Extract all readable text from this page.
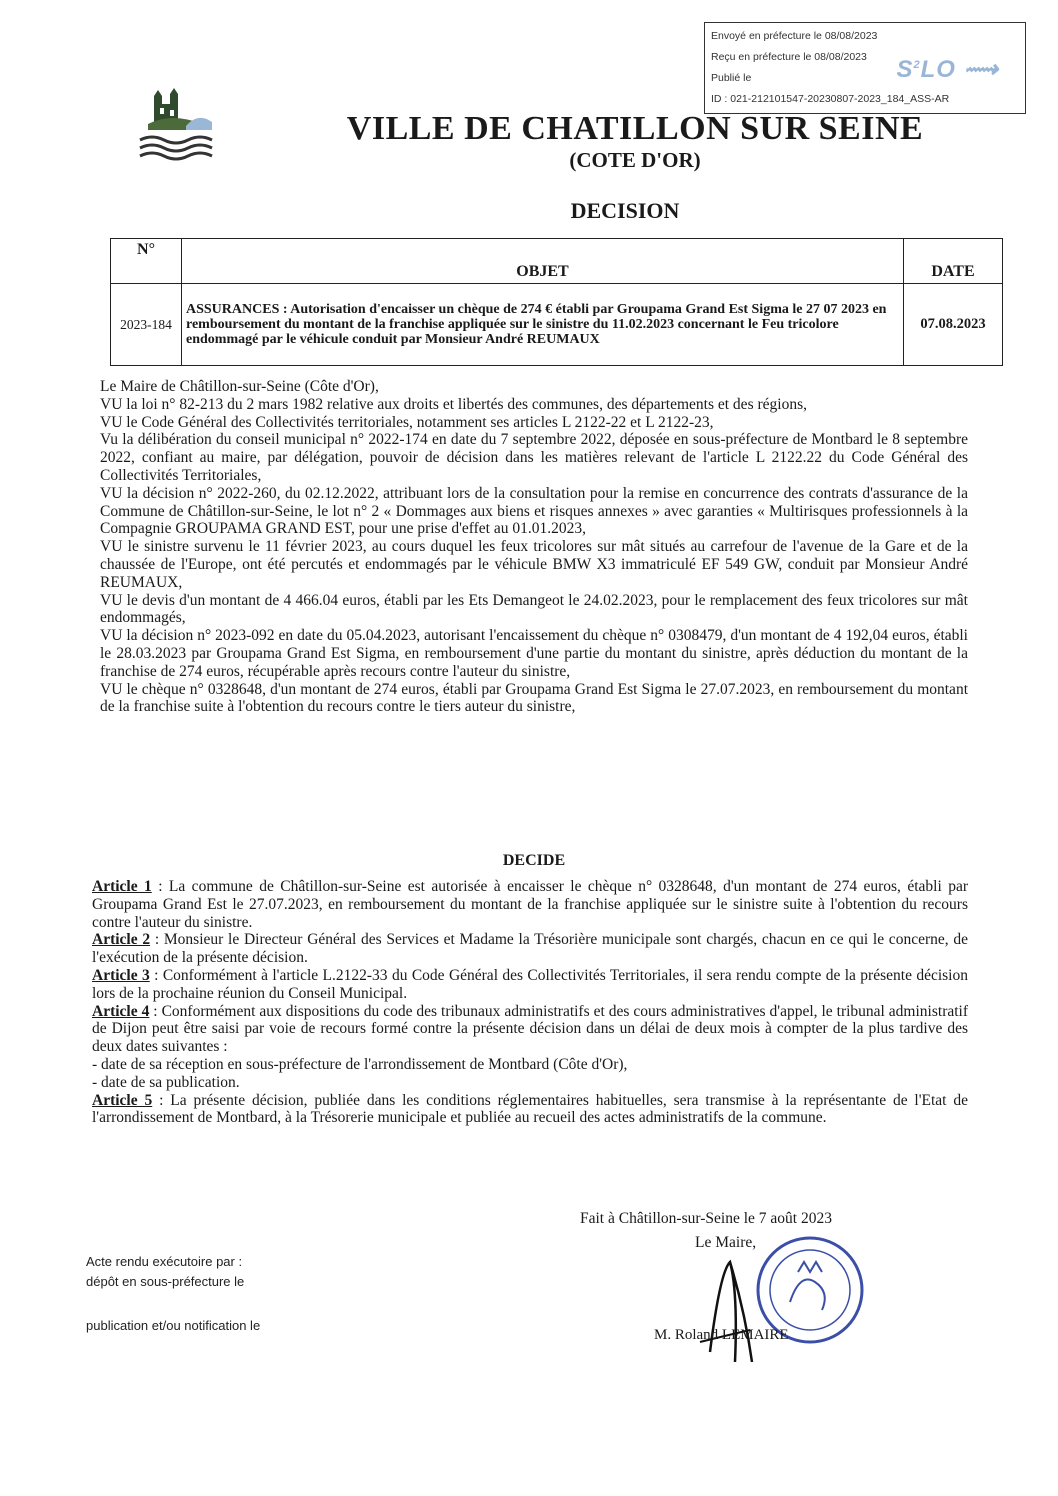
Envoyé en préfecture le 08/08/2023
Reçu en préfecture le 08/08/2023
Publié le
ID : 021-212101547-20230807-2023_184_ASS-AR
$S^2LO$ ⟿
VILLE DE CHATILLON SUR SEINE
(COTE D'OR)
DECISION
N°	OBJET	DATE
2023-184	ASSURANCES : Autorisation d'encaisser un chèque de 274 € établi par Groupama Grand Est Sigma le 27 07 2023 en remboursement du montant de la franchise appliquée sur le sinistre du 11.02.2023 concernant le Feu tricolore endommagé par le véhicule conduit par Monsieur André REUMAUX	07.08.2023

Le Maire de Châtillon-sur-Seine (Côte d'Or),

VU la loi n° 82-213 du 2 mars 1982 relative aux droits et libertés des communes, des départements et des régions,

VU le Code Général des Collectivités territoriales, notamment ses articles L 2122-22 et L 2122-23,

Vu la délibération du conseil municipal n° 2022-174 en date du 7 septembre 2022, déposée en sous-préfecture de Montbard le 8 septembre 2022, confiant au maire, par délégation, pouvoir de décision dans les matières relevant de l'article L 2122.22 du Code Général des Collectivités Territoriales,

VU la décision n° 2022-260, du 02.12.2022, attribuant lors de la consultation pour la remise en concurrence des contrats d'assurance de la Commune de Châtillon-sur-Seine, le lot n° 2 « Dommages aux biens et risques annexes » avec garanties « Multirisques professionnels à la Compagnie GROUPAMA GRAND EST, pour une prise d'effet au 01.01.2023,

VU le sinistre survenu le 11 février 2023, au cours duquel les feux tricolores sur mât situés au carrefour de l'avenue de la Gare et de la chaussée de l'Europe, ont été percutés et endommagés par le véhicule BMW X3 immatriculé EF 549 GW, conduit par Monsieur André REUMAUX,

VU le devis d'un montant de 4 466.04 euros, établi par les Ets Demangeot le 24.02.2023, pour le remplacement des feux tricolores sur mât endommagés,

VU la décision n° 2023-092 en date du 05.04.2023, autorisant l'encaissement du chèque n° 0308479, d'un montant de 4 192,04 euros, établi le 28.03.2023 par Groupama Grand Est Sigma, en remboursement d'une partie du montant du sinistre, après déduction du montant de la franchise de 274 euros, récupérable après recours contre l'auteur du sinistre,

VU le chèque n° 0328648, d'un montant de 274 euros, établi par Groupama Grand Est Sigma le 27.07.2023, en remboursement du montant de la franchise suite à l'obtention du recours contre le tiers auteur du sinistre,

DECIDE

Article 1 : La commune de Châtillon-sur-Seine est autorisée à encaisser le chèque n° 0328648, d'un montant de 274 euros, établi par Groupama Grand Est le 27.07.2023, en remboursement du montant de la franchise appliquée sur le sinistre suite à l'obtention du recours contre l'auteur du sinistre.

Article 2 : Monsieur le Directeur Général des Services et Madame la Trésorière municipale sont chargés, chacun en ce qui le concerne, de l'exécution de la présente décision.

Article 3 : Conformément à l'article L.2122-33 du Code Général des Collectivités Territoriales, il sera rendu compte de la présente décision lors de la prochaine réunion du Conseil Municipal.

Article 4 : Conformément aux dispositions du code des tribunaux administratifs et des cours administratives d'appel, le tribunal administratif de Dijon peut être saisi par voie de recours formé contre la présente décision dans un délai de deux mois à compter de la plus tardive des deux dates suivantes :

- date de sa réception en sous-préfecture de l'arrondissement de Montbard (Côte d'Or),

- date de sa publication.

Article 5 : La présente décision, publiée dans les conditions réglementaires habituelles, sera transmise à la représentante de l'Etat de l'arrondissement de Montbard, à la Trésorerie municipale et publiée au recueil des actes administratifs de la commune.

Fait à Châtillon-sur-Seine le 7 août 2023
Le Maire,
M. Roland LEMAIRE
Acte rendu exécutoire par :
dépôt en sous-préfecture le
publication et/ou notification le
